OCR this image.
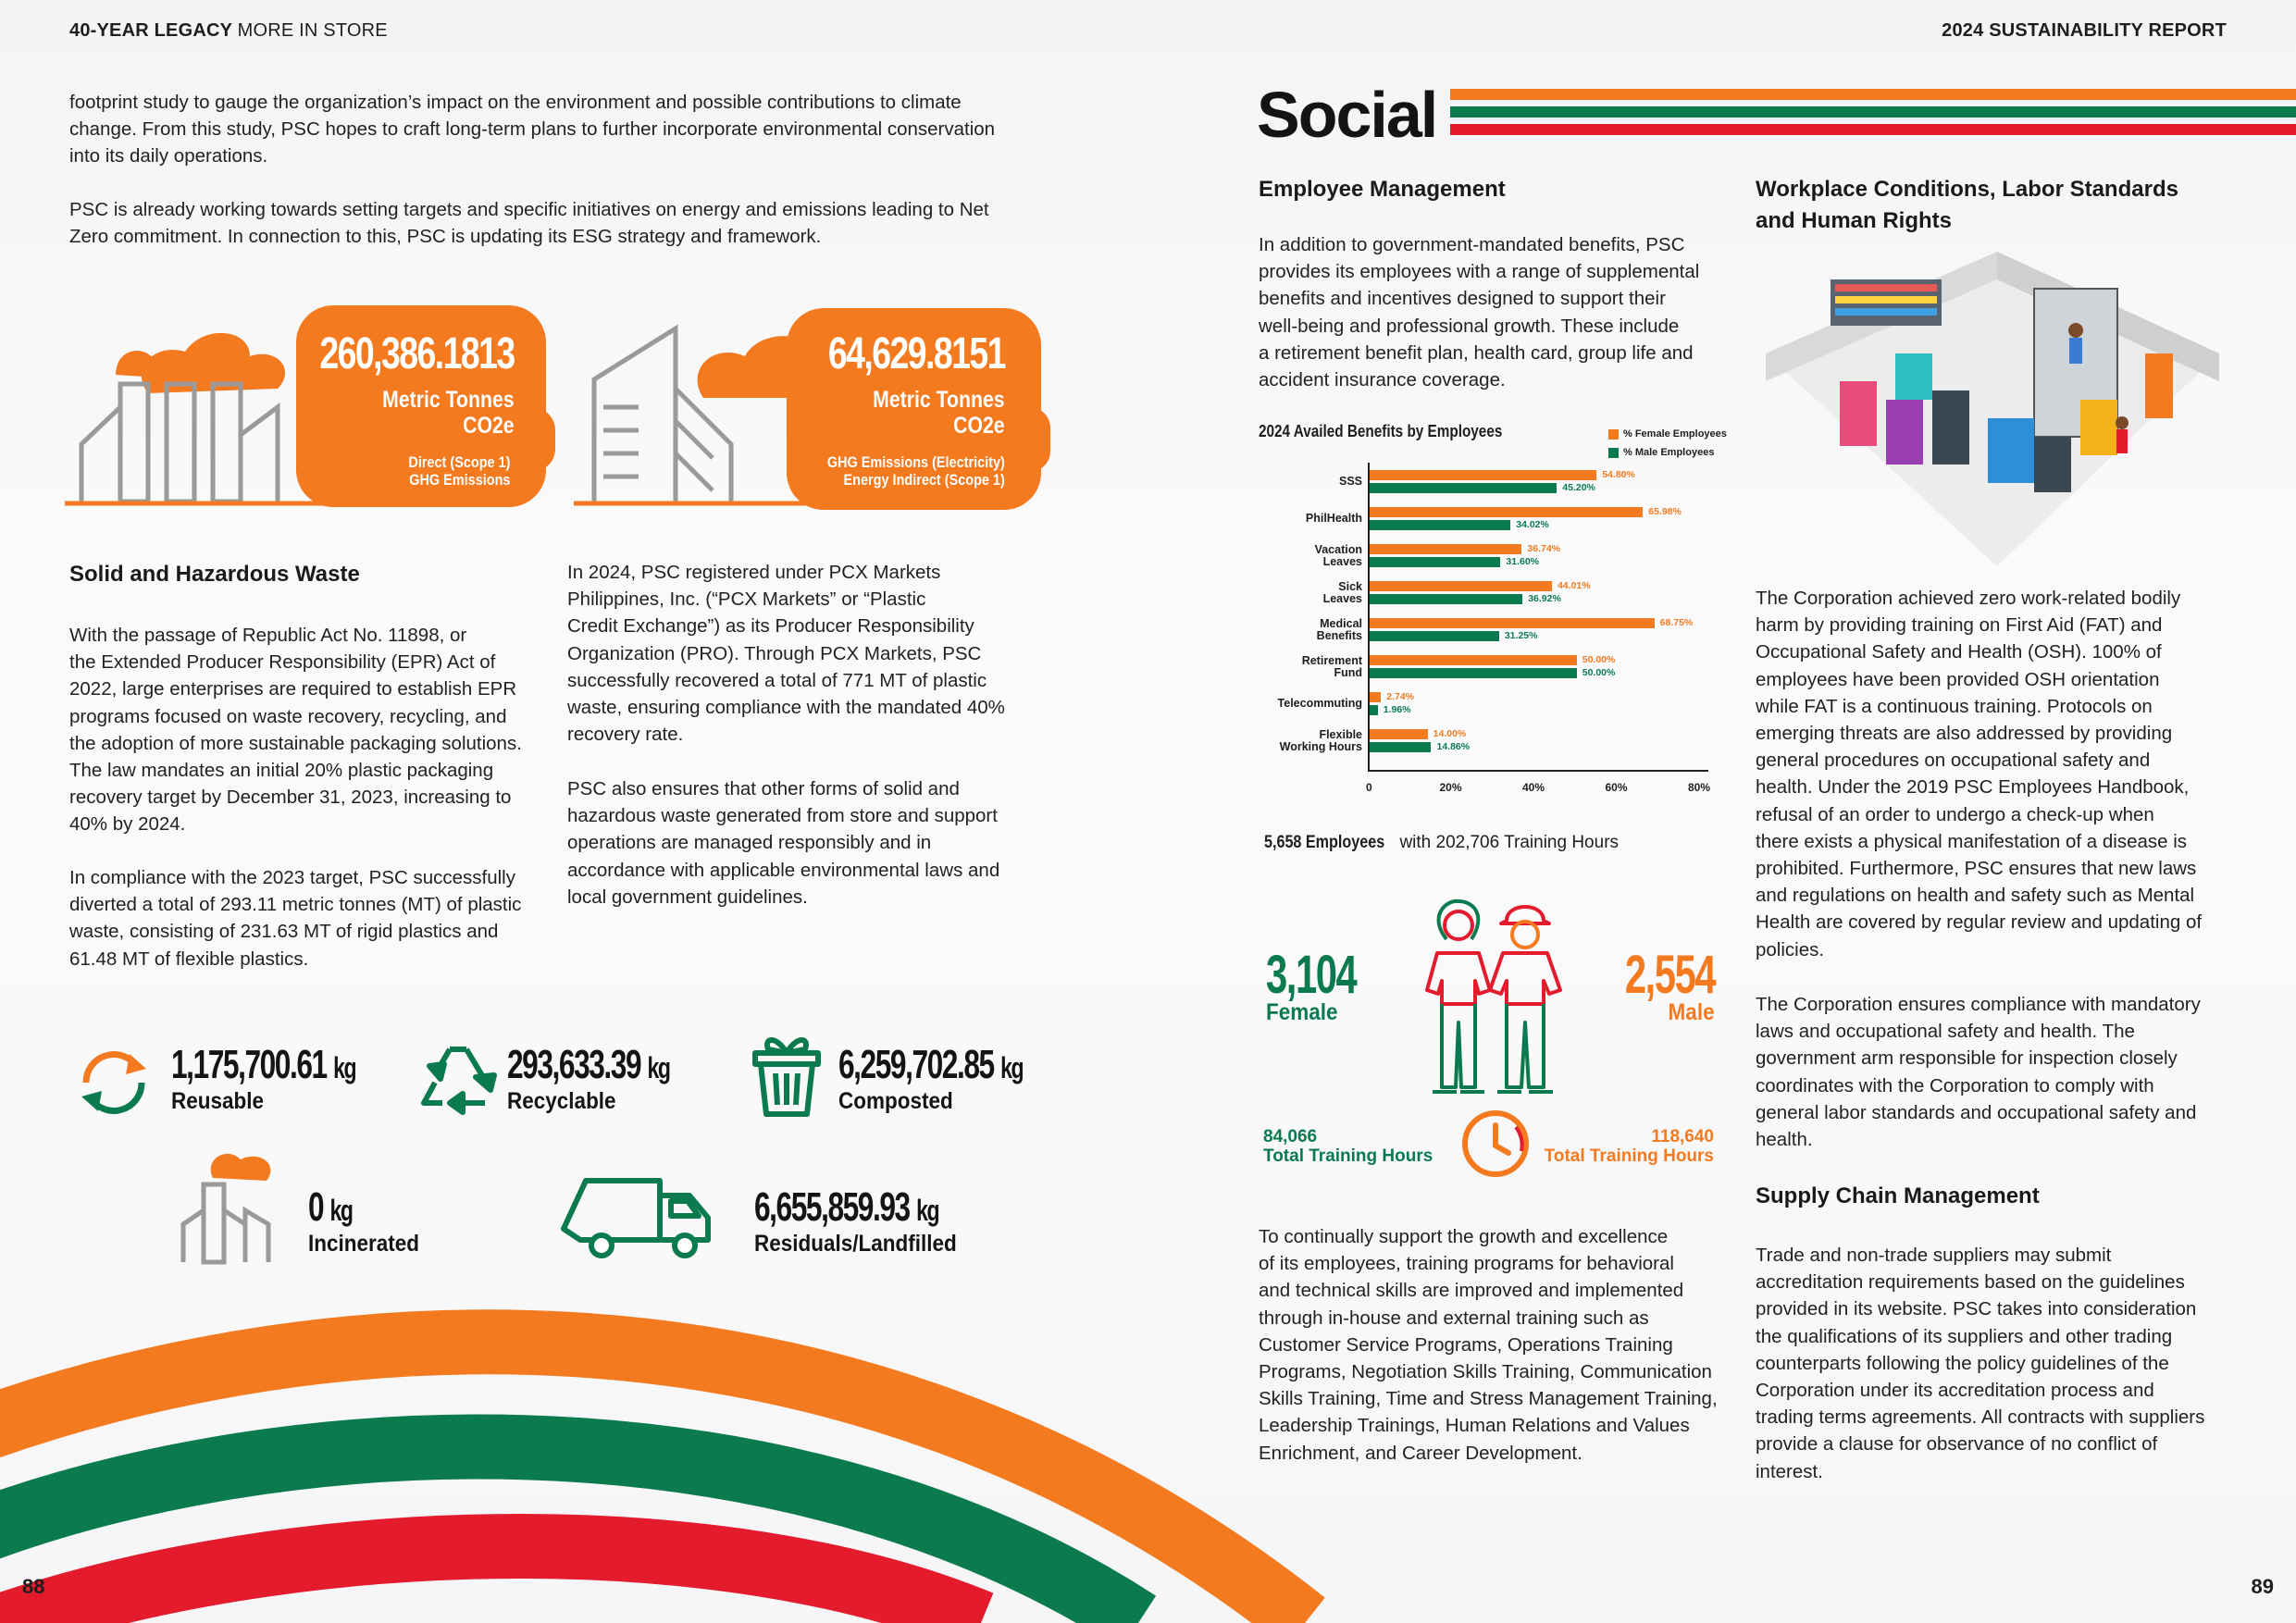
40-YEAR LEGACY MORE IN STORE	2024 SUSTAINABILITY REPORT
footprint study to gauge the organization’s impact on the environment and possible contributions to climate
change. From this study, PSC hopes to craft long-term plans to further incorporate environmental conservation
into its daily operations.
PSC is already working towards setting targets and specific initiatives on energy and emissions leading to Net
Zero commitment. In connection to this, PSC is updating its ESG strategy and framework.
260,386.1813
Metric Tonnes
CO2e
Direct (Scope 1)
GHG Emissions
64,629.8151
Metric Tonnes
CO2e
GHG Emissions (Electricity)
Energy Indirect (Scope 1)
Solid and Hazardous Waste
With the passage of Republic Act No. 11898, or
the Extended Producer Responsibility (EPR) Act of
2022, large enterprises are required to establish EPR
programs focused on waste recovery, recycling, and
the adoption of more sustainable packaging solutions.
The law mandates an initial 20% plastic packaging
recovery target by December 31, 2023, increasing to
40% by 2024.
In compliance with the 2023 target, PSC successfully
diverted a total of 293.11 metric tonnes (MT) of plastic
waste, consisting of 231.63 MT of rigid plastics and
61.48 MT of flexible plastics.
In 2024, PSC registered under PCX Markets
Philippines, Inc. (“PCX Markets” or “Plastic
Credit Exchange”) as its Producer Responsibility
Organization (PRO). Through PCX Markets, PSC
successfully recovered a total of 771 MT of plastic
waste, ensuring compliance with the mandated 40%
recovery rate.
PSC also ensures that other forms of solid and
hazardous waste generated from store and support
operations are managed responsibly and in
accordance with applicable environmental laws and
local government guidelines.
1,175,700.61 kg
Reusable
293,633.39 kg
Recyclable
6,259,702.85 kg
Composted
0 kg
Incinerated
6,655,859.93 kg
Residuals/Landfilled
88
Social
Employee Management
In addition to government-mandated benefits, PSC
provides its employees with a range of supplemental
benefits and incentives designed to support their
well-being and professional growth. These include
a retirement benefit plan, health card, group life and
accident insurance coverage.
2024 Availed Benefits by Employees	% Female Employees
% Male Employees
SSS	54.80%
45.20%
PhilHealth	65.98%
34.02%
Vacation
Leaves
36.74%
31.60%
Sick
Leaves
44.01%
36.92%
Medical
Benefits
68.75%
31.25%
Retirement
Fund
50.00%
50.00%
Telecommuting	2.74%
1.96%
Flexible
Working Hours
14.00%
14.86%
0	20%	40%	60%	80%
5,658 Employees with 202,706 Training Hours
3,104
Female
2,554
Male
84,066
Total Training Hours
118,640
Total Training Hours
To continually support the growth and excellence
of its employees, training programs for behavioral
and technical skills are improved and implemented
through in-house and external training such as
Customer Service Programs, Operations Training
Programs, Negotiation Skills Training, Communication
Skills Training, Time and Stress Management Training,
Leadership Trainings, Human Relations and Values
Enrichment, and Career Development.
Workplace Conditions, Labor Standards
and Human Rights
The Corporation achieved zero work-related bodily
harm by providing training on First Aid (FAT) and
Occupational Safety and Health (OSH). 100% of
employees have been provided OSH orientation
while FAT is a continuous training. Protocols on
emerging threats are also addressed by providing
general procedures on occupational safety and
health. Under the 2019 PSC Employees Handbook,
refusal of an order to undergo a check-up when
there exists a physical manifestation of a disease is
prohibited. Furthermore, PSC ensures that new laws
and regulations on health and safety such as Mental
Health are covered by regular review and updating of
policies.
The Corporation ensures compliance with mandatory
laws and occupational safety and health. The
government arm responsible for inspection closely
coordinates with the Corporation to comply with
general labor standards and occupational safety and
health.
Supply Chain Management
Trade and non-trade suppliers may submit
accreditation requirements based on the guidelines
provided in its website. PSC takes into consideration
the qualifications of its suppliers and other trading
counterparts following the policy guidelines of the
Corporation under its accreditation process and
trading terms agreements. All contracts with suppliers
provide a clause for observance of no conflict of
interest.
89
